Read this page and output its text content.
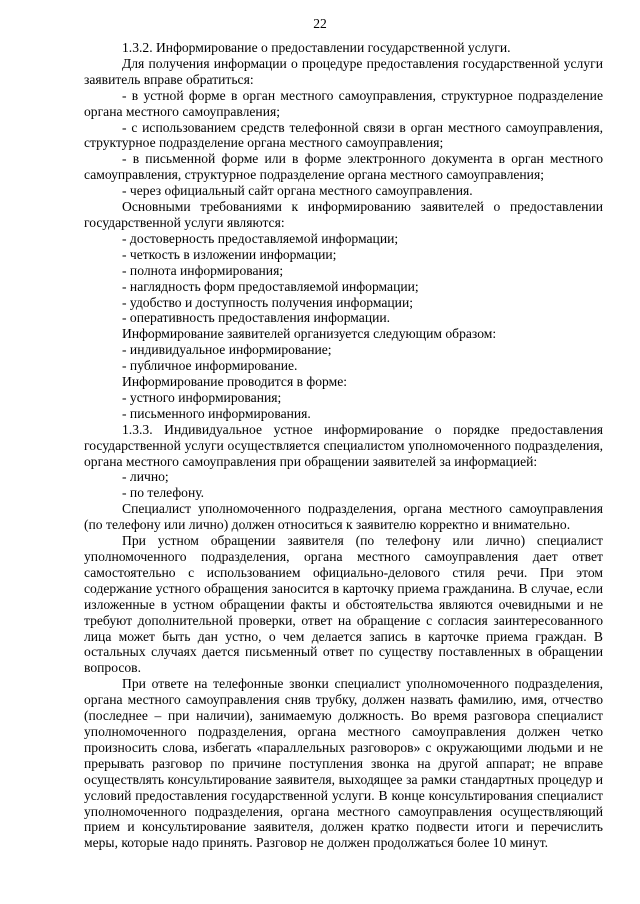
22

1.3.2. Информирование о предоставлении государственной услуги.

Для получения информации о процедуре предоставления государственной услуги заявитель вправе обратиться:

- в устной форме в орган местного самоуправления, структурное подразделение органа местного самоуправления;

- с использованием средств телефонной связи в орган местного самоуправления, структурное подразделение органа местного самоуправления;

- в письменной форме или в форме электронного документа в орган местного самоуправления, структурное подразделение органа местного самоуправления;

- через официальный сайт органа местного самоуправления.

Основными требованиями к информированию заявителей о предоставлении государственной услуги являются:

- достоверность предоставляемой информации;

- четкость в изложении информации;

- полнота информирования;

- наглядность форм предоставляемой информации;

- удобство и доступность получения информации;

- оперативность предоставления информации.

Информирование заявителей организуется следующим образом:

- индивидуальное информирование;

- публичное информирование.

Информирование проводится в форме:

- устного информирования;

- письменного информирования.

1.3.3. Индивидуальное устное информирование о порядке предоставления государственной услуги осуществляется специалистом уполномоченного подразделения, органа местного самоуправления при обращении заявителей за информацией:

- лично;

- по телефону.

Специалист уполномоченного подразделения, органа местного самоуправления (по телефону или лично) должен относиться к заявителю корректно и внимательно.

При устном обращении заявителя (по телефону или лично) специалист уполномоченного подразделения, органа местного самоуправления дает ответ самостоятельно с использованием официально-делового стиля речи. При этом содержание устного обращения заносится в карточку приема гражданина. В случае, если изложенные в устном обращении факты и обстоятельства являются очевидными и не требуют дополнительной проверки, ответ на обращение с согласия заинтересованного лица может быть дан устно, о чем делается запись в карточке приема граждан. В остальных случаях дается письменный ответ по существу поставленных в обращении вопросов.

При ответе на телефонные звонки специалист уполномоченного подразделения, органа местного самоуправления сняв трубку, должен назвать фамилию, имя, отчество (последнее – при наличии), занимаемую должность. Во время разговора специалист уполномоченного подразделения, органа местного самоуправления должен четко произносить слова, избегать «параллельных разговоров» с окружающими людьми и не прерывать разговор по причине поступления звонка на другой аппарат; не вправе осуществлять консультирование заявителя, выходящее за рамки стандартных процедур и условий предоставления государственной услуги. В конце консультирования специалист уполномоченного подразделения, органа местного самоуправления осуществляющий прием и консультирование заявителя, должен кратко подвести итоги и перечислить меры, которые надо принять. Разговор не должен продолжаться более 10 минут.
